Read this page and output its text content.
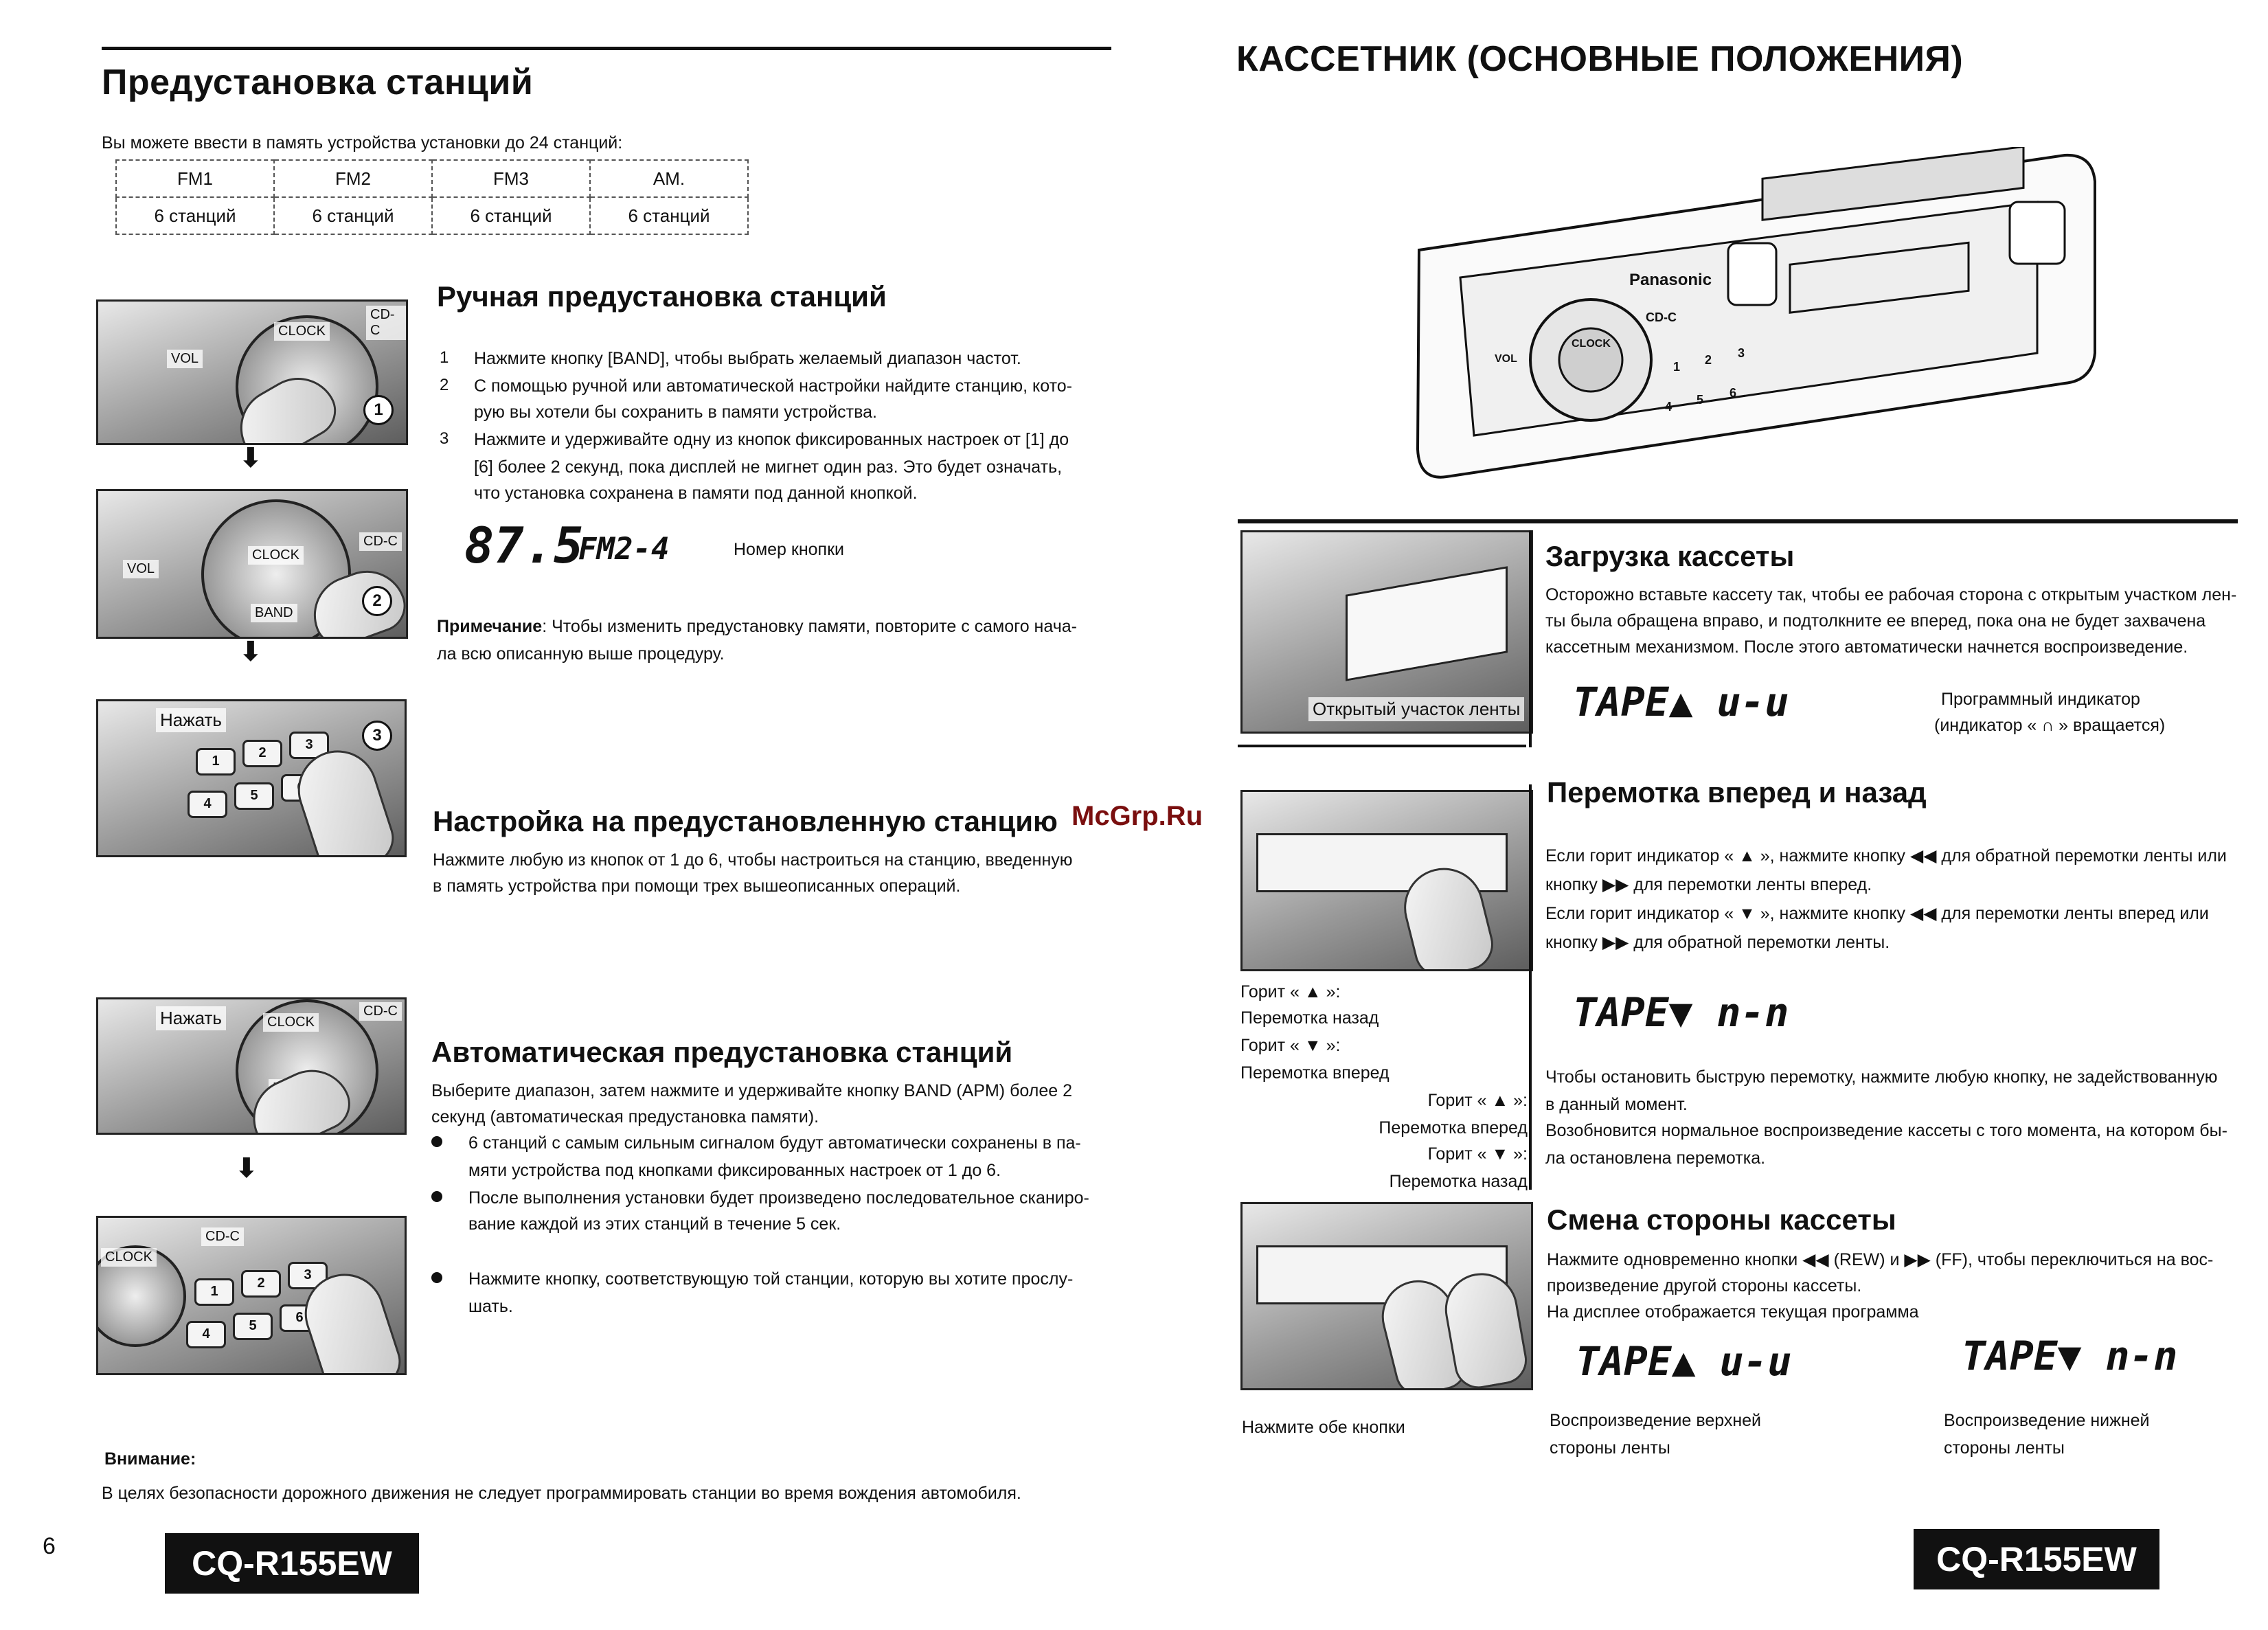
Предустановка станций
Вы можете ввести в память устройства установки до 24 станций:
FM1	FM2	FM3	AM.
6 станций	6 станций	6 станций	6 станций
CLOCK
VOL
CD-C
1
⬇
CLOCK
BAND
VOL
CD-C
2
⬇
Нажать
1
2
3
4
5
3
Ручная предустановка станций
1 Нажмите кнопку [BAND], чтобы выбрать желаемый диапазон частот.
2 С помощью ручной или автоматической настройки найдите станцию, кото-
рую вы хотели бы сохранить в памяти устройства.
3 Нажмите и удерживайте одну из кнопок фиксированных настроек от [1] до
[6] более 2 секунд, пока дисплей не мигнет один раз. Это будет означать,
что установка сохранена в памяти под данной кнопкой.
87.5
FM2-4	Номер кнопки
Примечание: Чтобы изменить предустановку памяти, повторите с самого нача-
ла всю описанную выше процедуру.
Настройка на предустановленную станцию
Нажмите любую из кнопок от 1 до 6, чтобы настроиться на станцию, введенную
в память устройства при помощи трех вышеописанных операций.
Нажать	CLOCK
CD-C
⬇
CD-C
CLOCK
1
2
3
4
5
6
Автоматическая предустановка станций
Выберите диапазон, затем нажмите и удерживайте кнопку BAND (APM) более 2
секунд (автоматическая предустановка памяти).
6 станций с самым сильным сигналом будут автоматически сохранены в па-
мяти устройства под кнопками фиксированных настроек от 1 до 6.
После выполнения установки будет произведено последовательное сканиро-
вание каждой из этих станций в течение 5 сек.
Нажмите кнопку, соответствующую той станции, которую вы хотите прослу-
шать.
Внимание:
В целях безопасности дорожного движения не следует программировать станции во время вождения автомобиля.
6	CQ-R155EW
McGrp.Ru
КАССЕТНИК (ОСНОВНЫЕ ПОЛОЖЕНИЯ)
Panasonic
CD-C
CLOCK
VOL
1 2 3
4 5 6
Открытый участок ленты
Загрузка кассеты
Осторожно вставьте кассету так, чтобы ее рабочая сторона с открытым участком лен-
ты была обращена вправо, и подтолкните ее вперед, пока она не будет захвачена
кассетным механизмом. После этого автоматически начнется воспроизведение.
TAPE▲ u-u	Программный индикатор
(индикатор « ∩ » вращается)
Перемотка вперед и назад
Если горит индикатор « ▲ », нажмите кнопку ◀◀ для обратной перемотки ленты или
кнопку ▶▶ для перемотки ленты вперед.
Если горит индикатор « ▼ », нажмите кнопку ◀◀ для перемотки ленты вперед или
кнопку ▶▶ для обратной перемотки ленты.
Горит « ▲ »:
Перемотка назад
Горит « ▼ »:
Перемотка вперед
Горит « ▲ »:
Перемотка вперед
Горит « ▼ »:
Перемотка назад
TAPE▼ n-n
Чтобы остановить быструю перемотку, нажмите любую кнопку, не задействованную
в данный момент.
Возобновится нормальное воспроизведение кассеты с того момента, на котором бы-
ла остановлена перемотка.
Смена стороны кассеты
Нажмите одновременно кнопки ◀◀ (REW) и ▶▶ (FF), чтобы переключиться на вос-
произведение другой стороны кассеты.
На дисплее отображается текущая программа
TAPE▲ u-u	TAPE▼ n-n
Нажмите обе кнопки	Воспроизведение верхней
стороны ленты
Воспроизведение нижней
стороны ленты
CQ-R155EW
